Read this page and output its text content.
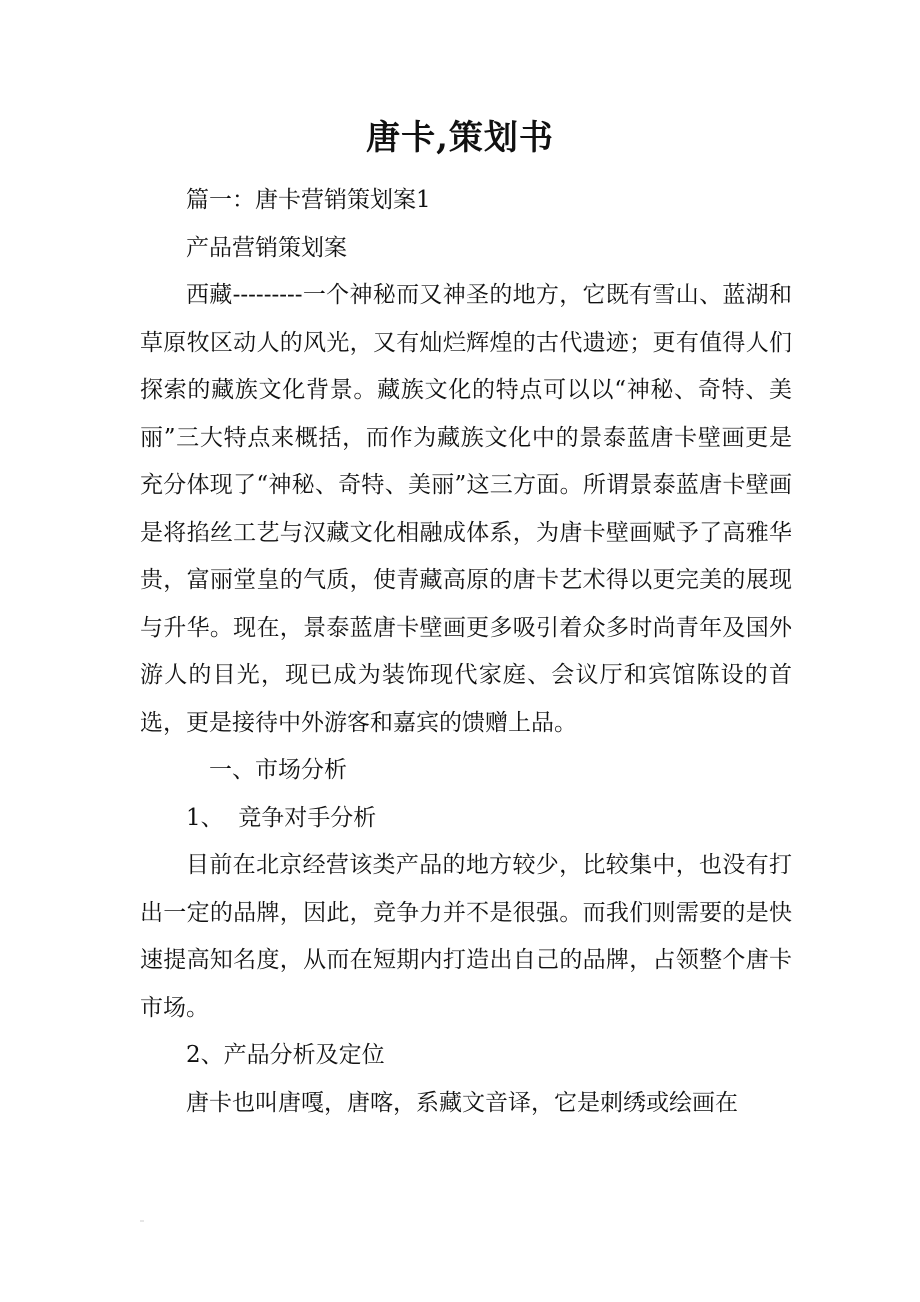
唐卡,策划书

篇一：唐卡营销策划案1

产品营销策划案

西藏---------一个神秘而又神圣的地方，它既有雪山、蓝湖和草原牧区动人的风光，又有灿烂辉煌的古代遗迹；更有值得人们探索的藏族文化背景。藏族文化的特点可以以“神秘、奇特、美丽”三大特点来概括，而作为藏族文化中的景泰蓝唐卡壁画更是充分体现了“神秘、奇特、美丽”这三方面。所谓景泰蓝唐卡壁画是将掐丝工艺与汉藏文化相融成体系，为唐卡壁画赋予了高雅华贵，富丽堂皇的气质，使青藏高原的唐卡艺术得以更完美的展现与升华。现在，景泰蓝唐卡壁画更多吸引着众多时尚青年及国外游人的目光，现已成为装饰现代家庭、会议厅和宾馆陈设的首选，更是接待中外游客和嘉宾的馈赠上品。

一、市场分析

1、  竞争对手分析

目前在北京经营该类产品的地方较少，比较集中，也没有打出一定的品牌，因此，竞争力并不是很强。而我们则需要的是快速提高知名度，从而在短期内打造出自己的品牌，占领整个唐卡市场。

2、产品分析及定位

唐卡也叫唐嘎，唐喀，系藏文音译，它是刺绣或绘画在
